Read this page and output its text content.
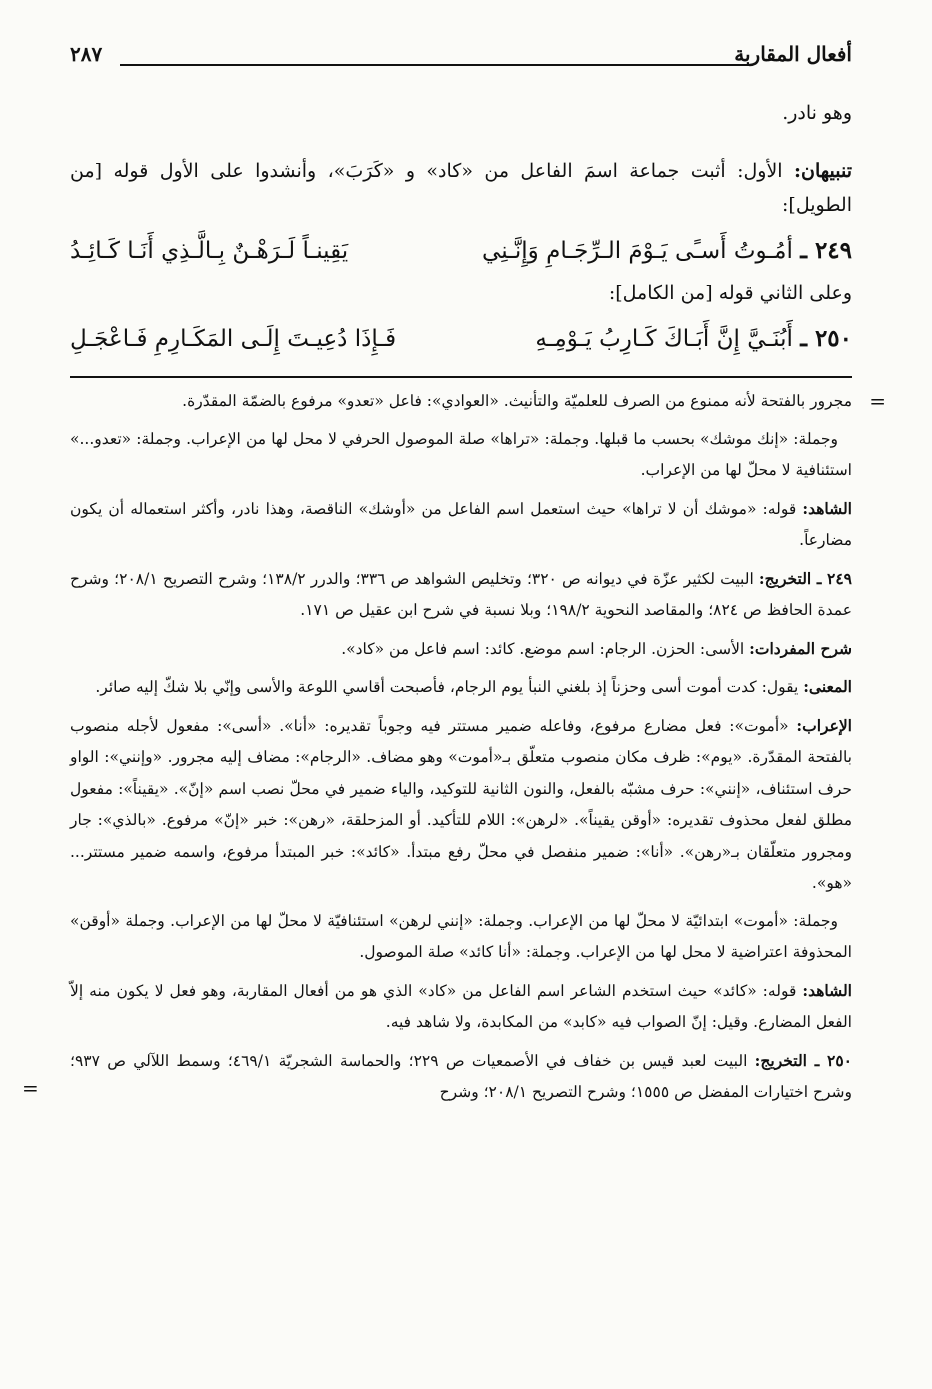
أفعال المقاربة
٢٨٧

وهو نادر.

تنبيهان: الأول: أثبت جماعة اسمَ الفاعل من «كاد» و «كَرَبَ»، وأنشدوا على الأول قوله [من الطويل]:

٢٤٩ ـ أمُـوتُ أَسـًى يَـوْمَ الـرِّجَـامِ وَإِنَّـنِي
يَقِينـاً لَـرَهْـنٌ بِـالَّـذِي أَنَـا كَـائِـدُ

وعلى الثاني قوله [من الكامل]:

٢٥٠ ـ أَبُنَـيَّ إِنَّ أَبَـاكَ كَـارِبُ يَـوْمِـهِ
فَـإِذَا دُعِيـتَ إِلَـى المَكَـارِمِ فَـاعْجَـلِ

=
مجرور بالفتحة لأنه ممنوع من الصرف للعلميّة والتأنيث. «العوادي»: فاعل «تعدو» مرفوع بالضمّة المقدّرة.

وجملة: «إنك موشك» بحسب ما قبلها. وجملة: «تراها» صلة الموصول الحرفي لا محل لها من الإعراب. وجملة: «تعدو...» استئنافية لا محلّ لها من الإعراب.

الشاهد: قوله: «موشك أن لا تراها» حيث استعمل اسم الفاعل من «أوشك» الناقصة، وهذا نادر، وأكثر استعماله أن يكون مضارعاً.

٢٤٩ ـ التخريج: البيت لكثير عزّة في ديوانه ص ٣٢٠؛ وتخليص الشواهد ص ٣٣٦؛ والدرر ١٣٨/٢؛ وشرح التصريح ٢٠٨/١؛ وشرح عمدة الحافظ ص ٨٢٤؛ والمقاصد النحوية ١٩٨/٢؛ وبلا نسبة في شرح ابن عقيل ص ١٧١.

شرح المفردات: الأسى: الحزن. الرجام: اسم موضع. كائد: اسم فاعل من «كاد».

المعنى: يقول: كدت أموت أسى وحزناً إذ بلغني النبأ يوم الرجام، فأصبحت أقاسي اللوعة والأسى وإنّي بلا شكّ إليه صائر.

الإعراب: «أموت»: فعل مضارع مرفوع، وفاعله ضمير مستتر فيه وجوباً تقديره: «أنا». «أسى»: مفعول لأجله منصوب بالفتحة المقدّرة. «يوم»: ظرف مكان منصوب متعلّق بـ«أموت» وهو مضاف. «الرجام»: مضاف إليه مجرور. «وإنني»: الواو حرف استئناف، «إنني»: حرف مشبّه بالفعل، والنون الثانية للتوكيد، والياء ضمير في محلّ نصب اسم «إنّ». «يقيناً»: مفعول مطلق لفعل محذوف تقديره: «أوقن يقيناً». «لرهن»: اللام للتأكيد. أو المزحلقة، «رهن»: خبر «إنّ» مرفوع. «بالذي»: جار ومجرور متعلّقان بـ«رهن». «أنا»: ضمير منفصل في محلّ رفع مبتدأ. «كائد»: خبر المبتدأ مرفوع، واسمه ضمير مستتر... «هو».

وجملة: «أموت» ابتدائيّة لا محلّ لها من الإعراب. وجملة: «إنني لرهن» استئنافيّة لا محلّ لها من الإعراب. وجملة «أوقن» المحذوفة اعتراضية لا محل لها من الإعراب. وجملة: «أنا كائد» صلة الموصول.

الشاهد: قوله: «كائد» حيث استخدم الشاعر اسم الفاعل من «كاد» الذي هو من أفعال المقاربة، وهو فعل لا يكون منه إلاّ الفعل المضارع. وقيل: إنّ الصواب فيه «كابد» من المكابدة، ولا شاهد فيه.

٢٥٠ ـ التخريج: البيت لعبد قيس بن خفاف في الأصمعيات ص ٢٢٩؛ والحماسة الشجريّة ٤٦٩/١؛ وسمط اللآلي ص ٩٣٧؛ وشرح اختيارات المفضل ص ١٥٥٥؛ وشرح التصريح ٢٠٨/١؛ وشرح
=
